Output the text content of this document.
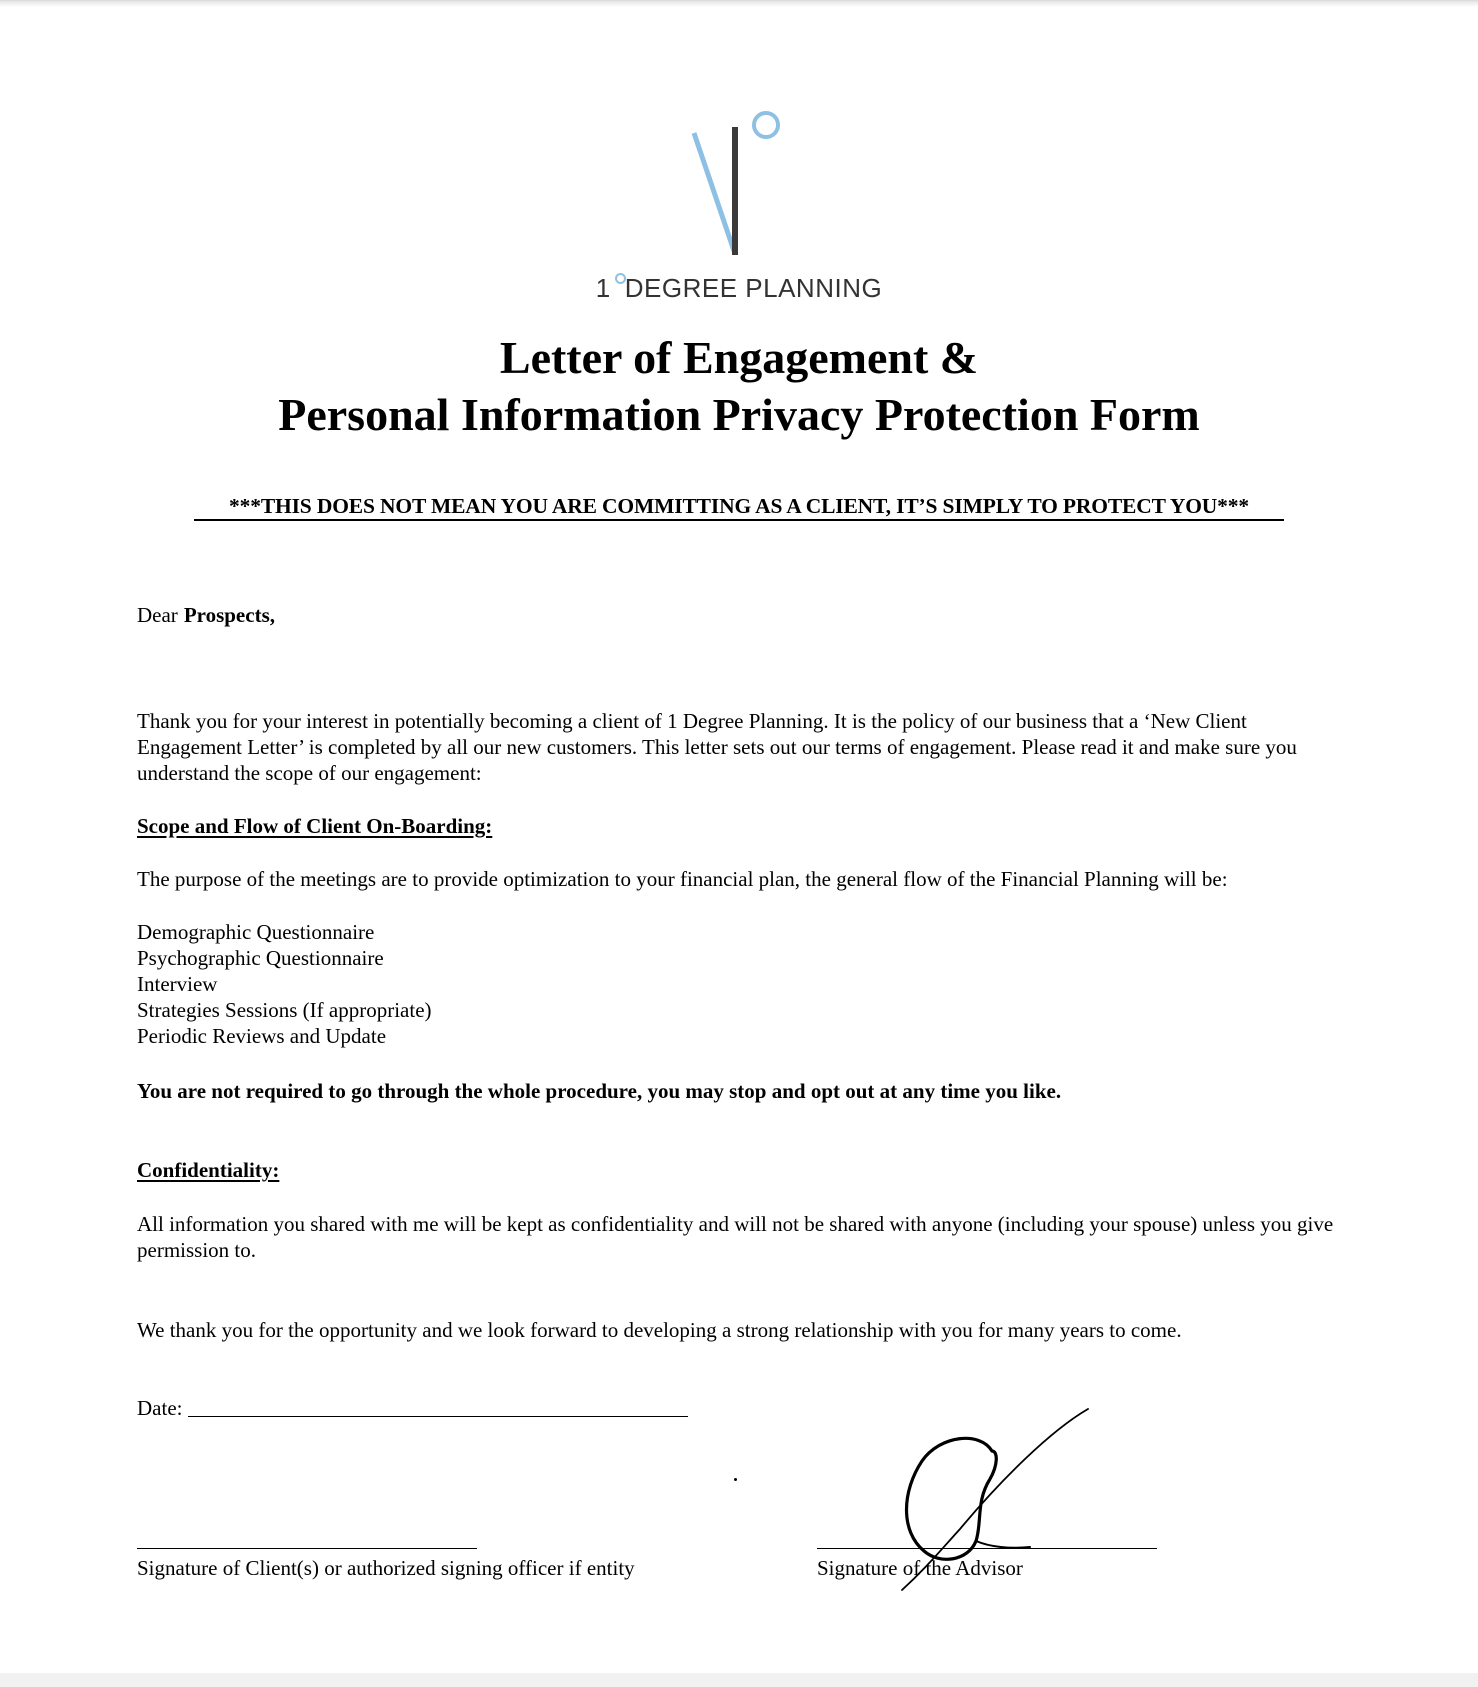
1 DEGREE PLANNING
Letter of Engagement &
Personal Information Privacy Protection Form
***THIS DOES NOT MEAN YOU ARE COMMITTING AS A CLIENT, IT’S SIMPLY TO PROTECT YOU***
Dear Prospects,
Thank you for your interest in potentially becoming a client of 1 Degree Planning. It is the policy of our business that a ‘New Client Engagement Letter’ is completed by all our new customers. This letter sets out our terms of engagement. Please read it and make sure you understand the scope of our engagement:
Scope and Flow of Client On-Boarding:
The purpose of the meetings are to provide optimization to your financial plan, the general flow of the Financial Planning will be:
Demographic Questionnaire
Psychographic Questionnaire
Interview
Strategies Sessions (If appropriate)
Periodic Reviews and Update
You are not required to go through the whole procedure, you may stop and opt out at any time you like.
Confidentiality:
All information you shared with me will be kept as confidentiality and will not be shared with anyone (including your spouse) unless you give permission to.
We thank you for the opportunity and we look forward to developing a strong relationship with you for many years to come.
Date:
Signature of Client(s) or authorized signing officer if entity	Signature of the Advisor
